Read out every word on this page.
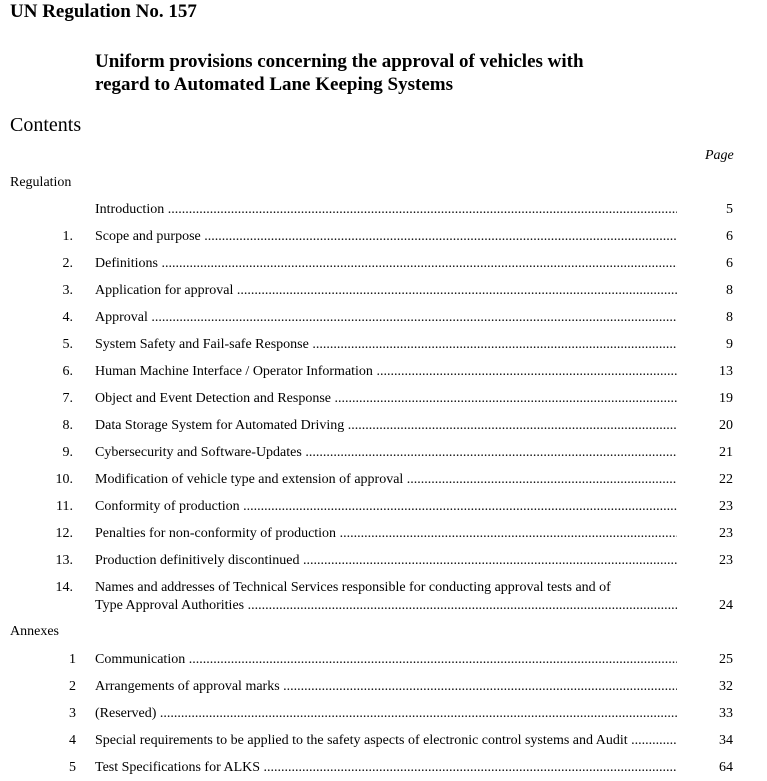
UN Regulation No. 157
Uniform provisions concerning the approval of vehicles with
regard to Automated Lane Keeping Systems
Contents
Page
Regulation
Introduction .....	5
1. Scope and purpose .....	6
2. Definitions .....	6
3. Application for approval .....	8
4. Approval .....	8
5. System Safety and Fail-safe Response .....	9
6. Human Machine Interface / Operator Information .....	13
7. Object and Event Detection and Response .....	19
8. Data Storage System for Automated Driving .....	20
9. Cybersecurity and Software-Updates .....	21
10. Modification of vehicle type and extension of approval .....	22
11. Conformity of production .....	23
12. Penalties for non-conformity of production .....	23
13. Production definitively discontinued .....	23
14. Names and addresses of Technical Services responsible for conducting approval tests and of
Type Approval Authorities .....	24
Annexes
1 Communication .....	25
2 Arrangements of approval marks .....	32
3 (Reserved) .....	33
4 Special requirements to be applied to the safety aspects of electronic control systems and Audit .....	34
5 Test Specifications for ALKS .....	64
